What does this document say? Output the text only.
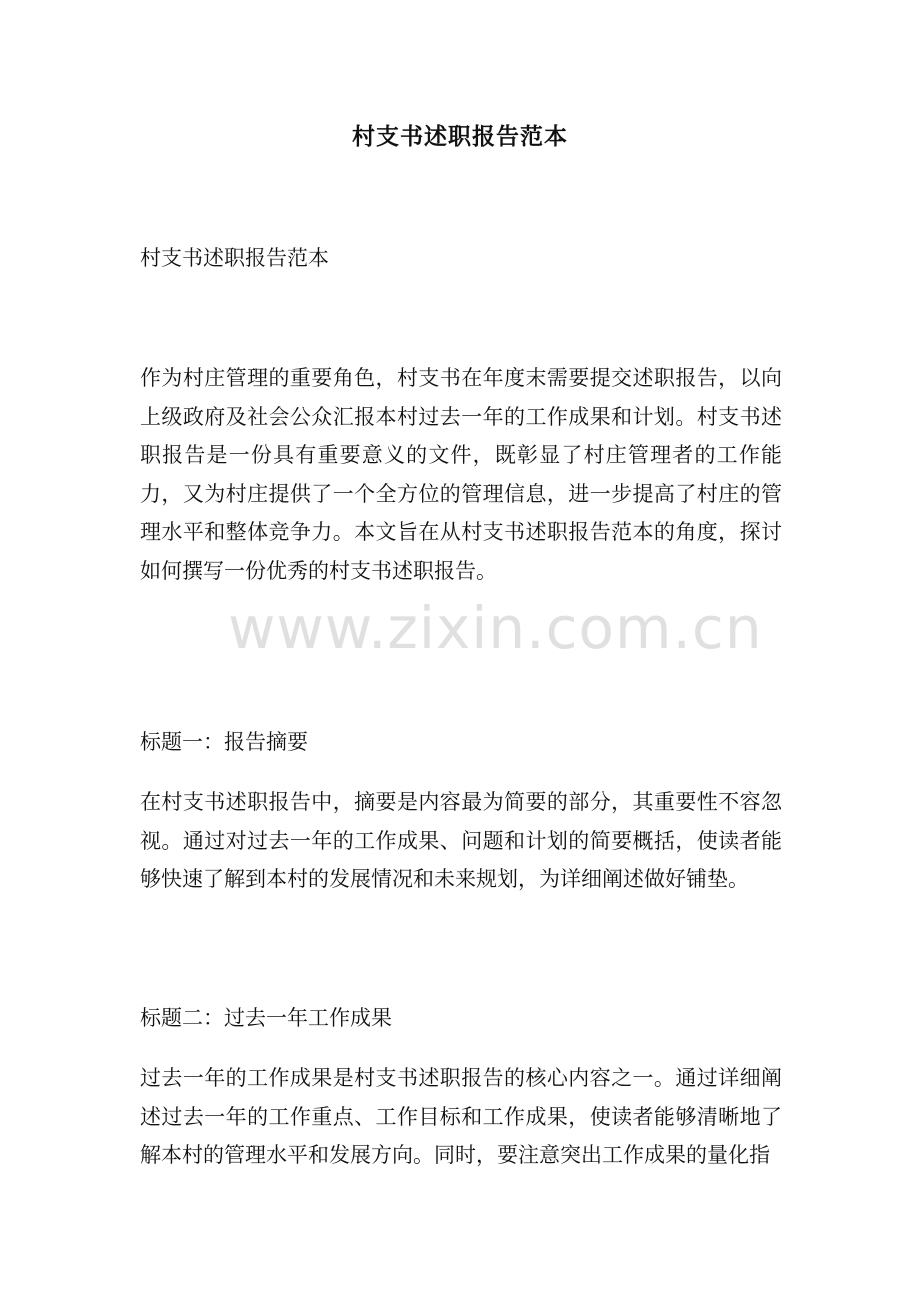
村支书述职报告范本

村支书述职报告范本

作为村庄管理的重要角色，村支书在年度末需要提交述职报告，以向上级政府及社会公众汇报本村过去一年的工作成果和计划。村支书述职报告是一份具有重要意义的文件，既彰显了村庄管理者的工作能力，又为村庄提供了一个全方位的管理信息，进一步提高了村庄的管理水平和整体竞争力。本文旨在从村支书述职报告范本的角度，探讨如何撰写一份优秀的村支书述职报告。

标题一：报告摘要

在村支书述职报告中，摘要是内容最为简要的部分，其重要性不容忽视。通过对过去一年的工作成果、问题和计划的简要概括，使读者能够快速了解到本村的发展情况和未来规划，为详细阐述做好铺垫。

标题二：过去一年工作成果

过去一年的工作成果是村支书述职报告的核心内容之一。通过详细阐述过去一年的工作重点、工作目标和工作成果，使读者能够清晰地了解本村的管理水平和发展方向。同时，要注意突出工作成果的量化指

www.zixin.com.cn
